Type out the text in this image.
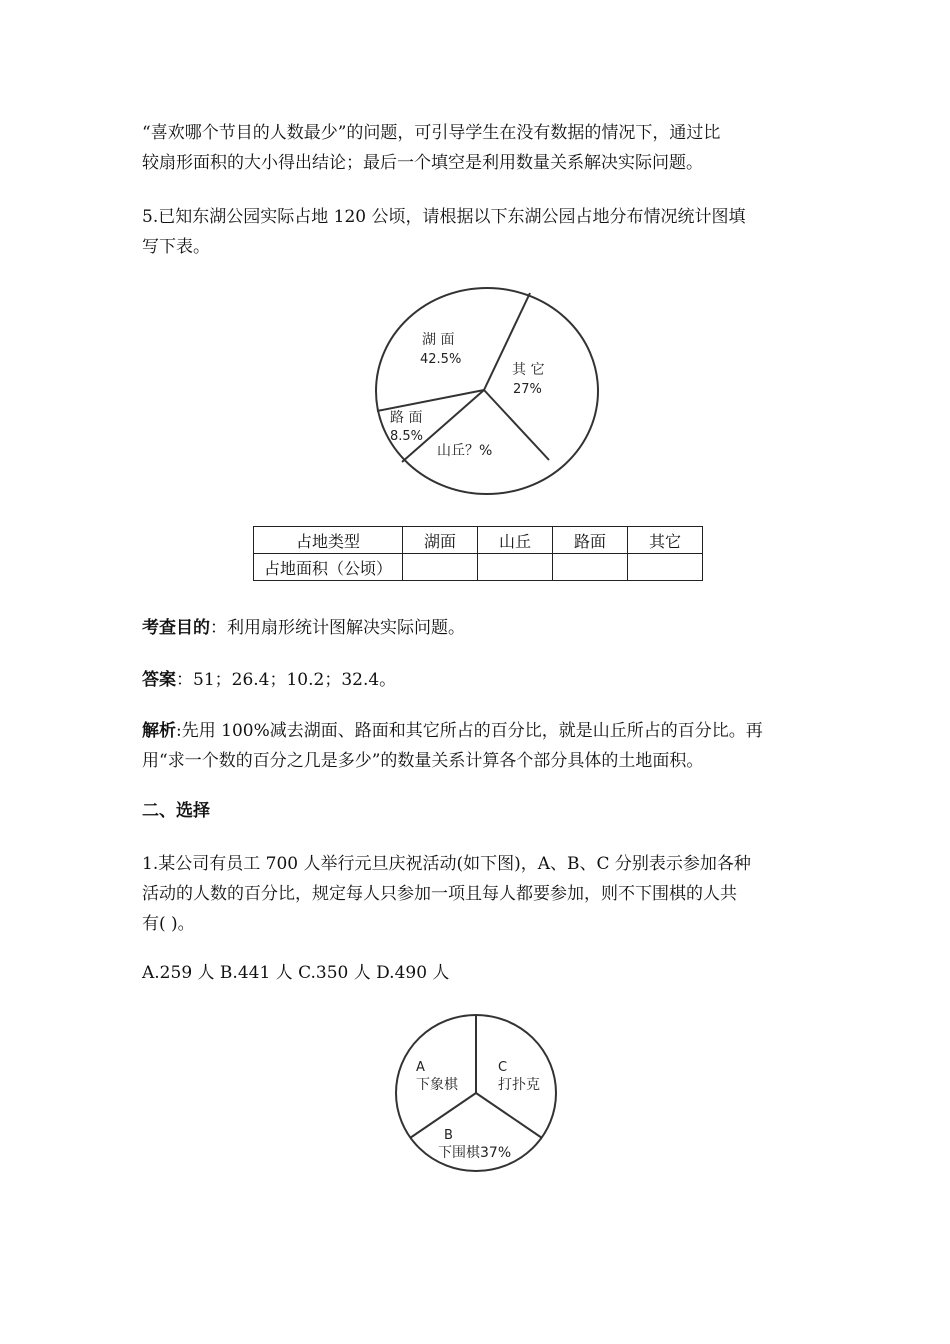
“喜欢哪个节目的人数最少”的问题，可引导学生在没有数据的情况下，通过比
较扇形面积的大小得出结论；最后一个填空是利用数量关系解决实际问题。

5.已知东湖公园实际占地 120 公顷，请根据以下东湖公园占地分布情况统计图填
写下表。

湖 面
42.5%
其 它
27%
路 面
8.5%
山丘？%
占地类型	湖面	山丘	路面	其它
占地面积（公顷）				

考查目的：利用扇形统计图解决实际问题。

答案：51；26.4；10.2；32.4。

解析:先用 100%减去湖面、路面和其它所占的百分比，就是山丘所占的百分比。再
用“求一个数的百分之几是多少”的数量关系计算各个部分具体的土地面积。

二、选择

1.某公司有员工 700 人举行元旦庆祝活动(如下图)，A、B、C 分别表示参加各种
活动的人数的百分比，规定每人只参加一项且每人都要参加，则不下围棋的人共
有( )。

A.259 人 B.441 人 C.350 人 D.490 人

A
下象棋
C
打扑克
B
下围棋37%
